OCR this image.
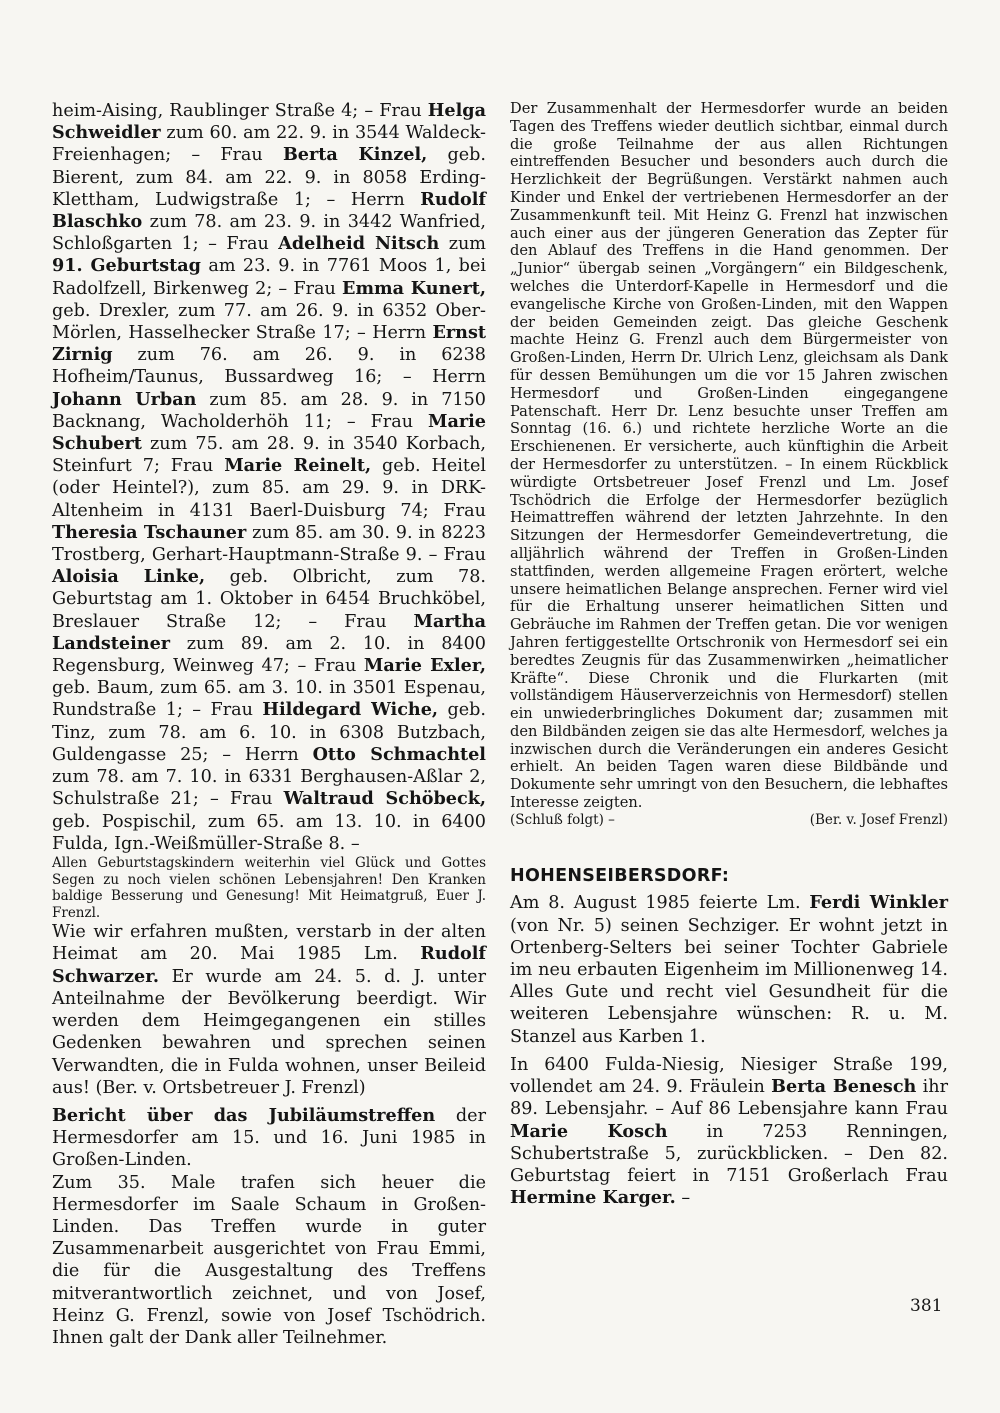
heim-Aising, Raublinger Straße 4; – Frau Helga Schweidler zum 60. am 22. 9. in 3544 Waldeck-Freienhagen; – Frau Berta Kinzel, geb. Bierent, zum 84. am 22. 9. in 8058 Erding-Klettham, Ludwigstraße 1; – Herrn Rudolf Blaschko zum 78. am 23. 9. in 3442 Wanfried, Schloßgarten 1; – Frau Adelheid Nitsch zum 91. Geburtstag am 23. 9. in 7761 Moos 1, bei Radolfzell, Birkenweg 2; – Frau Emma Kunert, geb. Drexler, zum 77. am 26. 9. in 6352 Ober-Mörlen, Hasselhecker Straße 17; – Herrn Ernst Zirnig zum 76. am 26. 9. in 6238 Hofheim/Taunus, Bussardweg 16; – Herrn Johann Urban zum 85. am 28. 9. in 7150 Backnang, Wacholderhöh 11; – Frau Marie Schubert zum 75. am 28. 9. in 3540 Korbach, Steinfurt 7; Frau Marie Reinelt, geb. Heitel (oder Heintel?), zum 85. am 29. 9. in DRK-Altenheim in 4131 Baerl-Duisburg 74; Frau Theresia Tschauner zum 85. am 30. 9. in 8223 Trostberg, Gerhart-Hauptmann-Straße 9. – Frau Aloisia Linke, geb. Olbricht, zum 78. Geburtstag am 1. Oktober in 6454 Bruchköbel, Breslauer Straße 12; – Frau Martha Landsteiner zum 89. am 2. 10. in 8400 Regensburg, Weinweg 47; – Frau Marie Exler, geb. Baum, zum 65. am 3. 10. in 3501 Espenau, Rundstraße 1; – Frau Hildegard Wiche, geb. Tinz, zum 78. am 6. 10. in 6308 Butzbach, Guldengasse 25; – Herrn Otto Schmachtel zum 78. am 7. 10. in 6331 Berghausen-Aßlar 2, Schulstraße 21; – Frau Waltraud Schöbeck, geb. Pospischil, zum 65. am 13. 10. in 6400 Fulda, Ign.-Weißmüller-Straße 8. –

Allen Geburtstagskindern weiterhin viel Glück und Gottes Segen zu noch vielen schönen Lebensjahren! Den Kranken baldige Besserung und Genesung! Mit Heimatgruß, Euer J. Frenzl.

Wie wir erfahren mußten, verstarb in der alten Heimat am 20. Mai 1985 Lm. Rudolf Schwarzer. Er wurde am 24. 5. d. J. unter Anteilnahme der Bevölkerung beerdigt. Wir werden dem Heimgegangenen ein stilles Gedenken bewahren und sprechen seinen Verwandten, die in Fulda wohnen, unser Beileid aus! (Ber. v. Ortsbetreuer J. Frenzl)

Bericht über das Jubiläumstreffen der Hermesdorfer am 15. und 16. Juni 1985 in Großen-Linden.

Zum 35. Male trafen sich heuer die Hermesdorfer im Saale Schaum in Großen-Linden. Das Treffen wurde in guter Zusammenarbeit ausgerichtet von Frau Emmi, die für die Ausgestaltung des Treffens mitverantwortlich zeichnet, und von Josef, Heinz G. Frenzl, sowie von Josef Tschödrich. Ihnen galt der Dank aller Teilnehmer.

Der Zusammenhalt der Hermesdorfer wurde an beiden Tagen des Treffens wieder deutlich sichtbar, einmal durch die große Teilnahme der aus allen Richtungen eintreffenden Besucher und besonders auch durch die Herzlichkeit der Begrüßungen. Verstärkt nahmen auch Kinder und Enkel der vertriebenen Hermesdorfer an der Zusammenkunft teil. Mit Heinz G. Frenzl hat inzwischen auch einer aus der jüngeren Generation das Zepter für den Ablauf des Treffens in die Hand genommen. Der „Junior“ übergab seinen „Vorgängern“ ein Bildgeschenk, welches die Unterdorf-Kapelle in Hermesdorf und die evangelische Kirche von Großen-Linden, mit den Wappen der beiden Gemeinden zeigt. Das gleiche Geschenk machte Heinz G. Frenzl auch dem Bürgermeister von Großen-Linden, Herrn Dr. Ulrich Lenz, gleichsam als Dank für dessen Bemühungen um die vor 15 Jahren zwischen Hermesdorf und Großen-Linden eingegangene Patenschaft. Herr Dr. Lenz besuchte unser Treffen am Sonntag (16. 6.) und richtete herzliche Worte an die Erschienenen. Er versicherte, auch künftighin die Arbeit der Hermesdorfer zu unterstützen. – In einem Rückblick würdigte Ortsbetreuer Josef Frenzl und Lm. Josef Tschödrich die Erfolge der Hermesdorfer bezüglich Heimattreffen während der letzten Jahrzehnte. In den Sitzungen der Hermesdorfer Gemeindevertretung, die alljährlich während der Treffen in Großen-Linden stattfinden, werden allgemeine Fragen erörtert, welche unsere heimatlichen Belange ansprechen. Ferner wird viel für die Erhaltung unserer heimatlichen Sitten und Gebräuche im Rahmen der Treffen getan. Die vor wenigen Jahren fertiggestellte Ortschronik von Hermesdorf sei ein beredtes Zeugnis für das Zusammenwirken „heimatlicher Kräfte“. Diese Chronik und die Flurkarten (mit vollständigem Häuserverzeichnis von Hermesdorf) stellen ein unwiederbringliches Dokument dar; zusammen mit den Bildbänden zeigen sie das alte Hermesdorf, welches ja inzwischen durch die Veränderungen ein anderes Gesicht erhielt. An beiden Tagen waren diese Bildbände und Dokumente sehr umringt von den Besuchern, die lebhaftes Interesse zeigten.

(Schluß folgt) –	(Ber. v. Josef Frenzl)
HOHENSEIBERSDORF:

Am 8. August 1985 feierte Lm. Ferdi Winkler (von Nr. 5) seinen Sechziger. Er wohnt jetzt in Ortenberg-Selters bei seiner Tochter Gabriele im neu erbauten Eigenheim im Millionenweg 14. Alles Gute und recht viel Gesundheit für die weiteren Lebensjahre wünschen: R. u. M. Stanzel aus Karben 1.

In 6400 Fulda-Niesig, Niesiger Straße 199, vollendet am 24. 9. Fräulein Berta Benesch ihr 89. Lebensjahr. – Auf 86 Lebensjahre kann Frau Marie Kosch in 7253 Renningen, Schubertstraße 5, zurückblicken. – Den 82. Geburtstag feiert in 7151 Großerlach Frau Hermine Karger. –

381
